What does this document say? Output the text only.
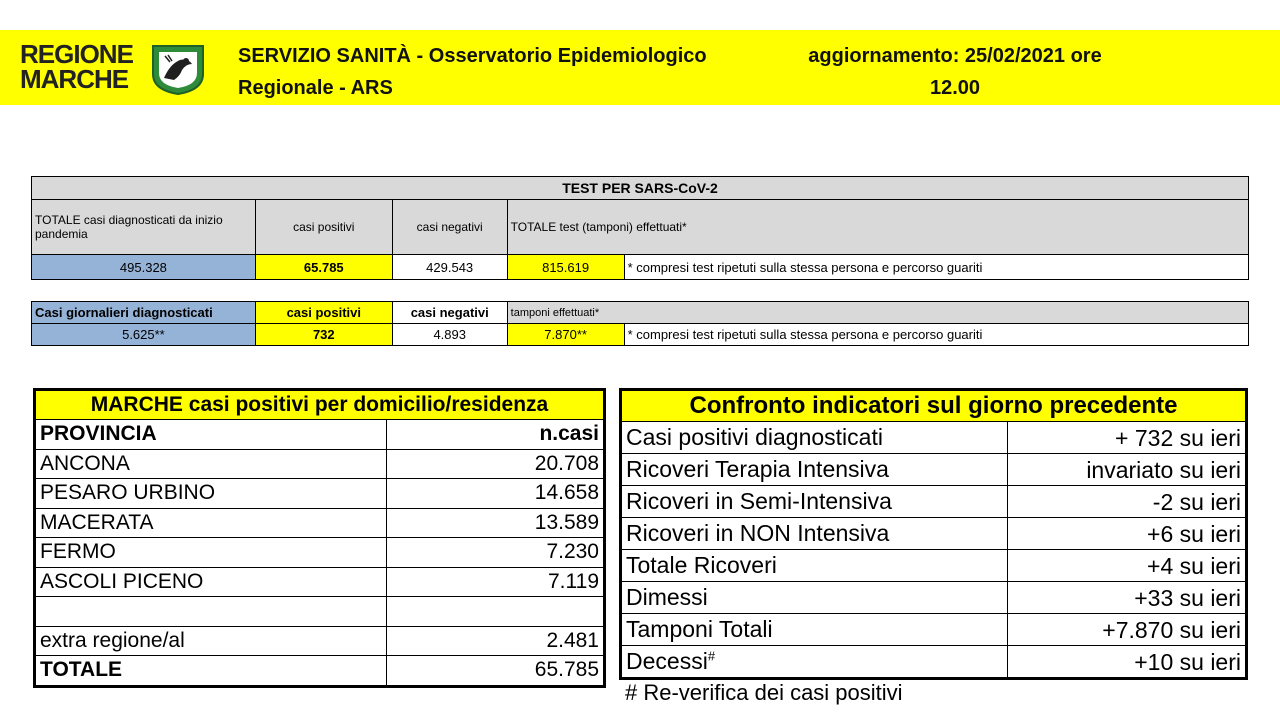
REGIONE
MARCHE
SERVIZIO SANITÀ - Osservatorio Epidemiologico
Regionale - ARS
aggiornamento: 25/02/2021 ore
12.00
TEST PER SARS-CoV-2				
TOTALE casi diagnosticati da inizio pandemia	casi positivi	casi negativi	TOTALE test (tamponi) effettuati*	
495.328	65.785	429.543	815.619	* compresi test ripetuti sulla stessa persona e percorso guariti
Casi giornalieri diagnosticati	casi positivi	casi negativi	tamponi effettuati*	
5.625**	732	4.893	7.870**	* compresi test ripetuti sulla stessa persona e percorso guariti
MARCHE casi positivi per domicilio/residenza	
PROVINCIA	n.casi
ANCONA	20.708
PESARO URBINO	14.658
MACERATA	13.589
FERMO	7.230
ASCOLI PICENO	7.119

extra regione/al	2.481
TOTALE	65.785
Confronto indicatori sul giorno precedente	
Casi positivi diagnosticati	+ 732 su ieri
Ricoveri Terapia Intensiva	invariato su ieri
Ricoveri in Semi-Intensiva	-2 su ieri
Ricoveri in NON Intensiva	+6 su ieri
Totale Ricoveri	+4 su ieri
Dimessi	+33 su ieri
Tamponi Totali	+7.870 su ieri
Decessi#	+10 su ieri
# Re-verifica dei casi positivi
